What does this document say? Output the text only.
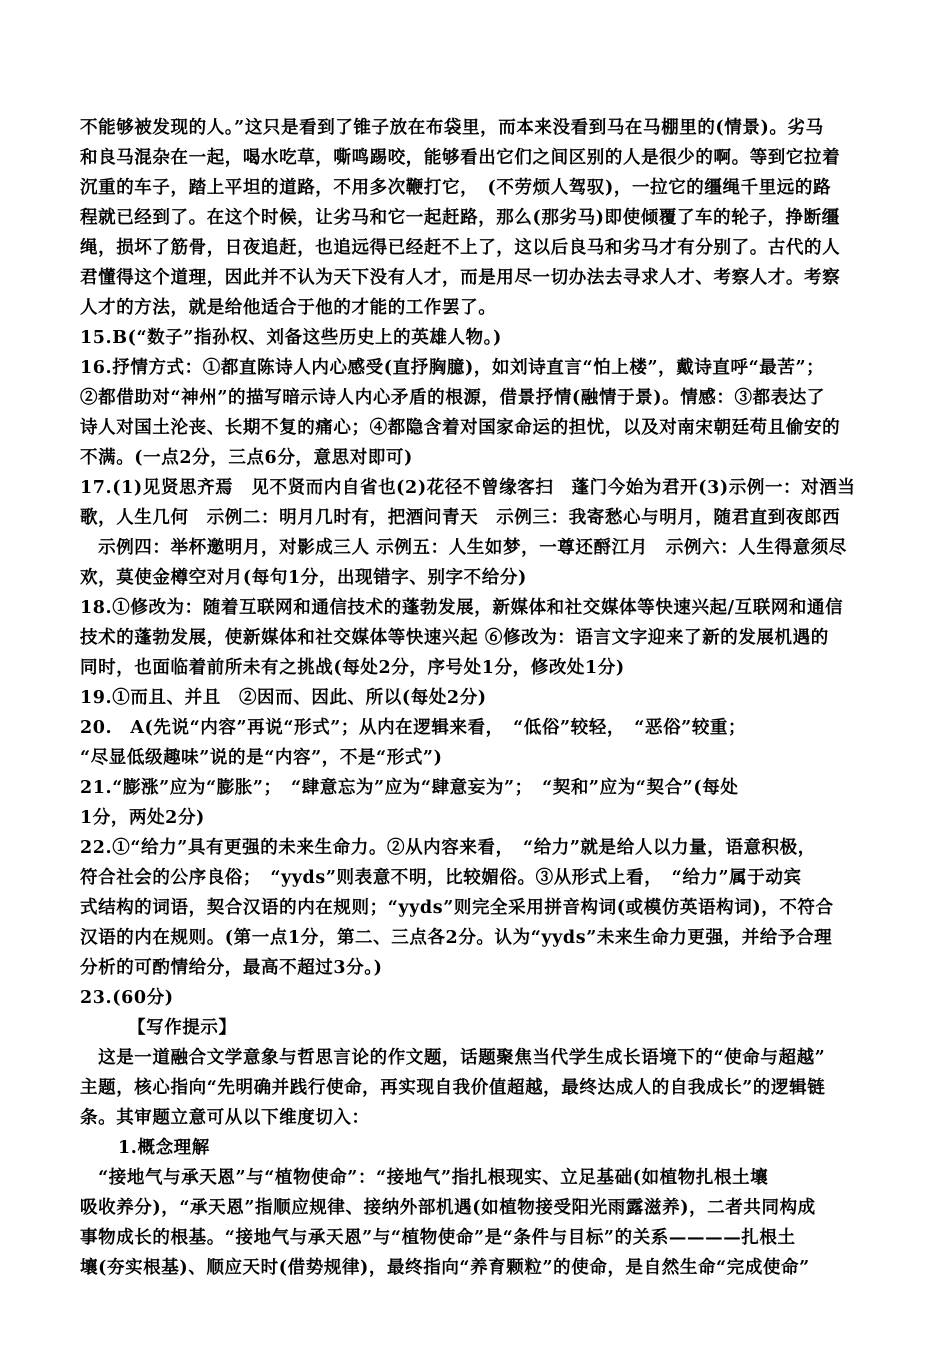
不能够被发现的人。”这只是看到了锥子放在布袋里，而本来没看到马在马棚里的(情景)。劣马
和良马混杂在一起，喝水吃草，嘶鸣踢咬，能够看出它们之间区别的人是很少的啊。等到它拉着
沉重的车子，踏上平坦的道路，不用多次鞭打它，　(不劳烦人驾驭)，一拉它的缰绳千里远的路
程就已经到了。在这个时候，让劣马和它一起赶路，那么(那劣马)即使倾覆了车的轮子，挣断缰
绳，损坏了筋骨，日夜追赶，也追远得已经赶不上了，这以后良马和劣马才有分别了。古代的人
君懂得这个道理，因此并不认为天下没有人才，而是用尽一切办法去寻求人才、考察人才。考察
人才的方法，就是给他适合于他的才能的工作罢了。
15.B(“数子”指孙权、刘备这些历史上的英雄人物。)
16.抒情方式：①都直陈诗人内心感受(直抒胸臆)，如刘诗直言“怕上楼”，戴诗直呼“最苦”；
②都借助对“神州”的描写暗示诗人内心矛盾的根源，借景抒情(融情于景)。情感：③都表达了
诗人对国土沦丧、长期不复的痛心；④都隐含着对国家命运的担忧，以及对南宋朝廷苟且偷安的
不满。(一点2分，三点6分，意思对即可)
17.(1)见贤思齐焉　见不贤而内自省也(2)花径不曾缘客扫　蓬门今始为君开(3)示例一：对酒当
歌，人生几何　示例二：明月几时有，把酒问青天　示例三：我寄愁心与明月，随君直到夜郎西
　示例四：举杯邀明月，对影成三人 示例五：人生如梦，一尊还酹江月　示例六：人生得意须尽
欢，莫使金樽空对月(每句1分，出现错字、别字不给分)
18.①修改为：随着互联网和通信技术的蓬勃发展，新媒体和社交媒体等快速兴起/互联网和通信
技术的蓬勃发展，使新媒体和社交媒体等快速兴起 ⑥修改为：语言文字迎来了新的发展机遇的
同时，也面临着前所未有之挑战(每处2分，序号处1分，修改处1分)
19.①而且、并且　②因而、因此、所以(每处2分)
20.　A(先说“内容”再说“形式”；从内在逻辑来看，　“低俗”较轻，　“恶俗”较重；
“尽显低级趣味”说的是“内容”，不是“形式”)
21.“膨涨”应为“膨胀”；　“肆意忘为”应为“肆意妄为”；　“契和”应为“契合”(每处
1分，两处2分)
22.①“给力”具有更强的未来生命力。②从内容来看，　“给力”就是给人以力量，语意积极，
符合社会的公序良俗；　“yyds”则表意不明，比较媚俗。③从形式上看，　“给力”属于动宾
式结构的词语，契合汉语的内在规则；“yyds”则完全采用拼音构词(或模仿英语构词)，不符合
汉语的内在规则。(第一点1分，第二、三点各2分。认为“yyds”未来生命力更强，并给予合理
分析的可酌情给分，最高不超过3分。)
23.(60分)
【写作提示】
　这是一道融合文学意象与哲思言论的作文题，话题聚焦当代学生成长语境下的“使命与超越”
主题，核心指向“先明确并践行使命，再实现自我价值超越，最终达成人的自我成长”的逻辑链
条。其审题立意可从以下维度切入：
1.概念理解
　“接地气与承天恩”与“植物使命”：“接地气”指扎根现实、立足基础(如植物扎根土壤
吸收养分)，“承天恩”指顺应规律、接纳外部机遇(如植物接受阳光雨露滋养)，二者共同构成
事物成长的根基。“接地气与承天恩”与“植物使命”是“条件与目标”的关系————扎根土
壤(夯实根基)、顺应天时(借势规律)，最终指向“养育颗粒”的使命，是自然生命“完成使命”
